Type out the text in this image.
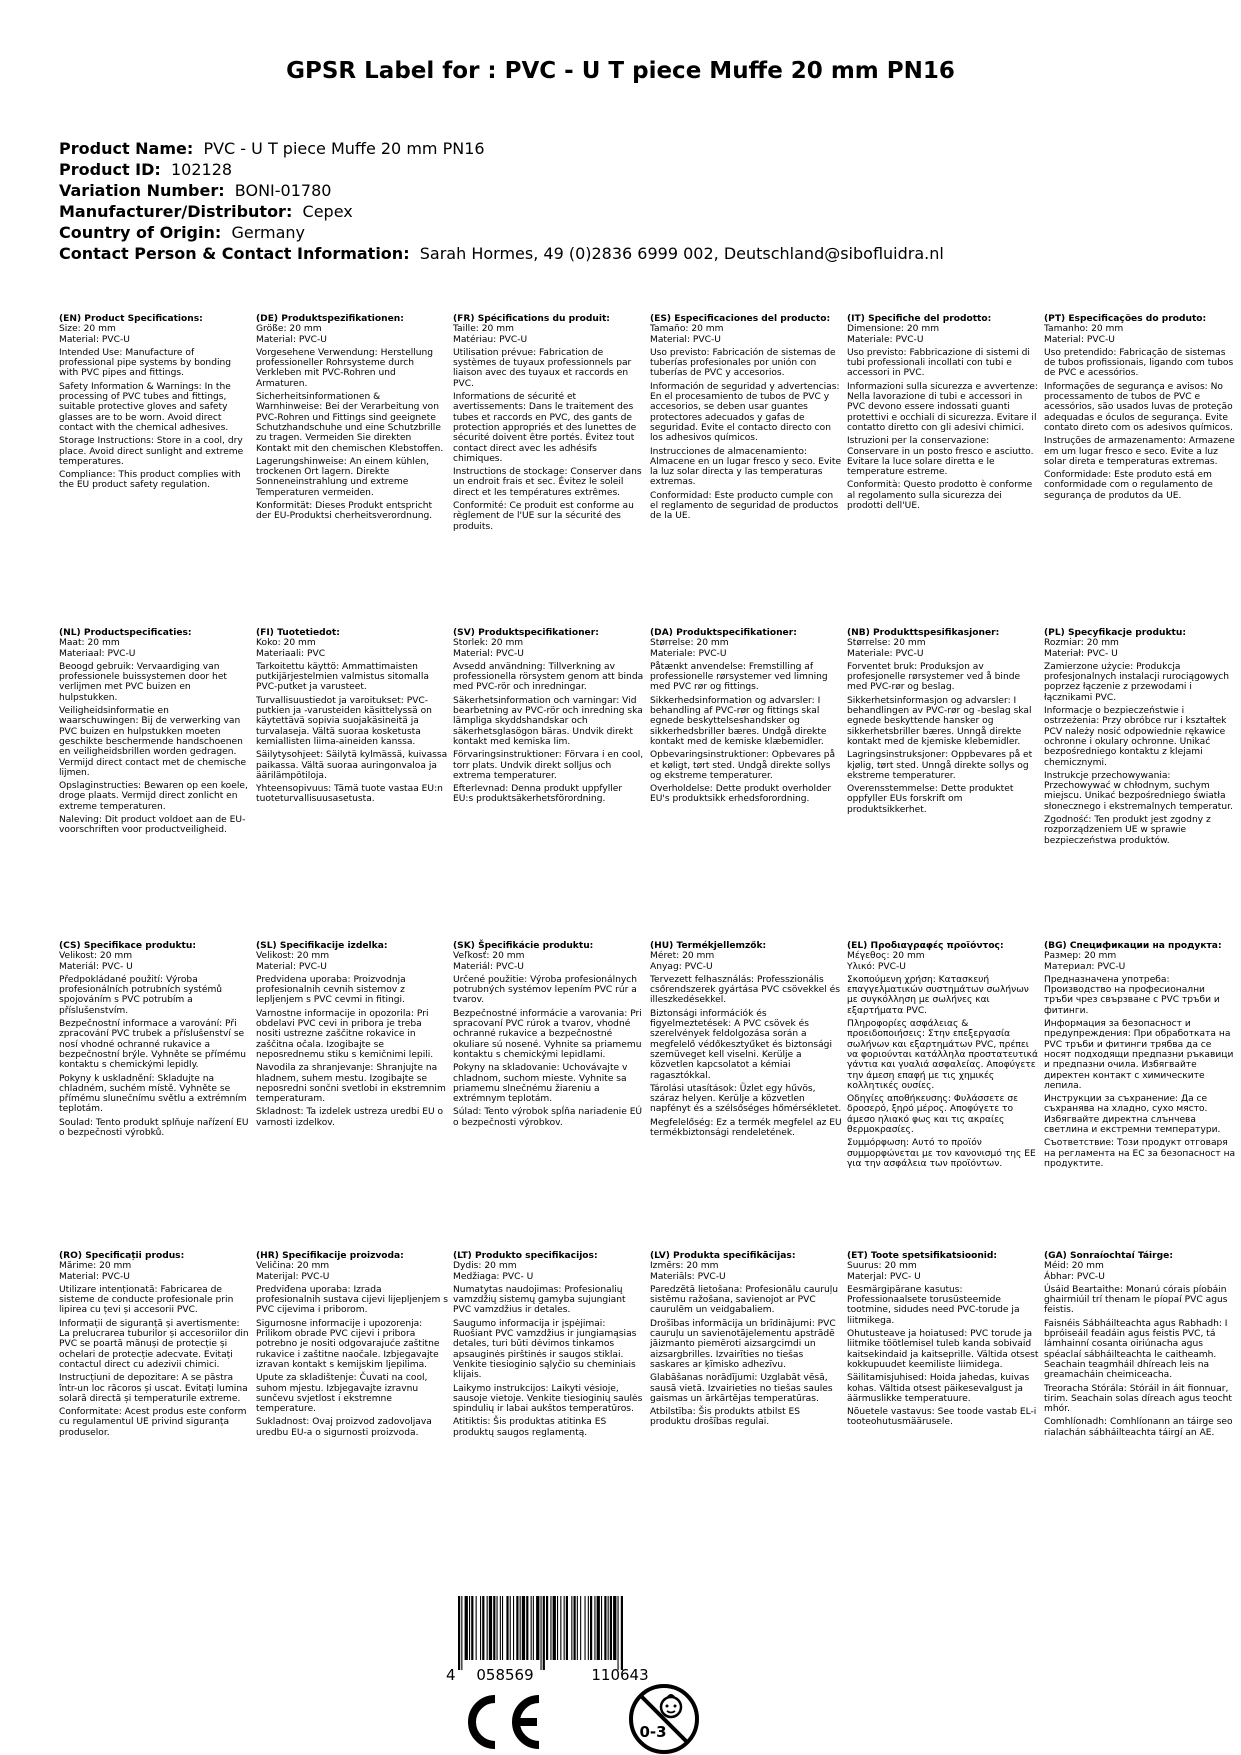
GPSR Label for : PVC - U T piece Muffe 20 mm PN16
Product Name: PVC - U T piece Muffe 20 mm PN16
Product ID: 102128
Variation Number: BONI-01780
Manufacturer/Distributor: Cepex
Country of Origin: Germany
Contact Person & Contact Information: Sarah Hormes, 49 (0)2836 6999 002, Deutschland@sibofluidra.nl
(EN) Product Specifications:
Size: 20 mm
Material: PVC-U
Intended Use: Manufacture of professional pipe systems by bonding with PVC pipes and fittings.
Safety Information & Warnings: In the processing of PVC tubes and fittings, suitable protective gloves and safety glasses are to be worn. Avoid direct contact with the chemical adhesives.
Storage Instructions: Store in a cool, dry place. Avoid direct sunlight and extreme temperatures.
Compliance: This product complies with the EU product safety regulation.
(DE) Produktspezifikationen:
Größe: 20 mm
Material: PVC-U
Vorgesehene Verwendung: Herstellung professioneller Rohrsysteme durch Verkleben mit PVC-Rohren und Armaturen.
Sicherheitsinformationen & Warnhinweise: Bei der Verarbeitung von PVC-Rohren und Fittings sind geeignete Schutzhandschuhe und eine Schutzbrille zu tragen. Vermeiden Sie direkten Kontakt mit den chemischen Klebstoffen.
Lagerungshinweise: An einem kühlen, trockenen Ort lagern. Direkte Sonneneinstrahlung und extreme Temperaturen vermeiden.
Konformität: Dieses Produkt entspricht der EU-Produktsi cherheitsverordnung.
(FR) Spécifications du produit:
Taille: 20 mm
Matériau: PVC-U
Utilisation prévue: Fabrication de systèmes de tuyaux professionnels par liaison avec des tuyaux et raccords en PVC.
Informations de sécurité et avertissements: Dans le traitement des tubes et raccords en PVC, des gants de protection appropriés et des lunettes de sécurité doivent être portés. Évitez tout contact direct avec les adhésifs chimiques.
Instructions de stockage: Conserver dans un endroit frais et sec. Évitez le soleil direct et les températures extrêmes.
Conformité: Ce produit est conforme au règlement de l'UE sur la sécurité des produits.
(ES) Especificaciones del producto:
Tamaño: 20 mm
Material: PVC-U
Uso previsto: Fabricación de sistemas de tuberías profesionales por unión con tuberías de PVC y accesorios.
Información de seguridad y advertencias: En el procesamiento de tubos de PVC y accesorios, se deben usar guantes protectores adecuados y gafas de seguridad. Evite el contacto directo con los adhesivos químicos.
Instrucciones de almacenamiento: Almacene en un lugar fresco y seco. Evite la luz solar directa y las temperaturas extremas.
Conformidad: Este producto cumple con el reglamento de seguridad de productos de la UE.
(IT) Specifiche del prodotto:
Dimensione: 20 mm
Materiale: PVC-U
Uso previsto: Fabbricazione di sistemi di tubi professionali incollati con tubi e accessori in PVC.
Informazioni sulla sicurezza e avvertenze: Nella lavorazione di tubi e accessori in PVC devono essere indossati guanti protettivi e occhiali di sicurezza. Evitare il contatto diretto con gli adesivi chimici.
Istruzioni per la conservazione: Conservare in un posto fresco e asciutto. Evitare la luce solare diretta e le temperature estreme.
Conformità: Questo prodotto è conforme al regolamento sulla sicurezza dei prodotti dell'UE.
(PT) Especificações do produto:
Tamanho: 20 mm
Material: PVC-U
Uso pretendido: Fabricação de sistemas de tubos profissionais, ligando com tubos de PVC e acessórios.
Informações de segurança e avisos: No processamento de tubos de PVC e acessórios, são usados luvas de proteção adequadas e óculos de segurança. Evite contato direto com os adesivos químicos.
Instruções de armazenamento: Armazene em um lugar fresco e seco. Evite a luz solar direta e temperaturas extremas.
Conformidade: Este produto está em conformidade com o regulamento de segurança de produtos da UE.
(NL) Productspecificaties:
Maat: 20 mm
Materiaal: PVC-U
Beoogd gebruik: Vervaardiging van professionele buissystemen door het verlijmen met PVC buizen en hulpstukken.
Veiligheidsinformatie en waarschuwingen: Bij de verwerking van PVC buizen en hulpstukken moeten geschikte beschermende handschoenen en veiligheidsbrillen worden gedragen. Vermijd direct contact met de chemische lijmen.
Opslaginstructies: Bewaren op een koele, droge plaats. Vermijd direct zonlicht en extreme temperaturen.
Naleving: Dit product voldoet aan de EU-voorschriften voor productveiligheid.
(FI) Tuotetiedot:
Koko: 20 mm
Materiaali: PVC
Tarkoitettu käyttö: Ammattimaisten putkijärjestelmien valmistus sitomalla PVC-putket ja varusteet.
Turvallisuustiedot ja varoitukset: PVC-putkien ja -varusteiden käsittelyssä on käytettävä sopivia suojakäsineitä ja turvalaseja. Vältä suoraa kosketusta kemiallisten liima-aineiden kanssa.
Säilytysohjeet: Säilytä kylmässä, kuivassa paikassa. Vältä suoraa auringonvaloa ja äärilämpötiloja.
Yhteensopivuus: Tämä tuote vastaa EU:n tuoteturvallisuusasetusta.
(SV) Produktspecifikationer:
Storlek: 20 mm
Material: PVC-U
Avsedd användning: Tillverkning av professionella rörsystem genom att binda med PVC-rör och inredningar.
Säkerhetsinformation och varningar: Vid bearbetning av PVC-rör och inredning ska lämpliga skyddshandskar och säkerhetsglasögon bäras. Undvik direkt kontakt med kemiska lim.
Förvaringsinstruktioner: Förvara i en cool, torr plats. Undvik direkt solljus och extrema temperaturer.
Efterlevnad: Denna produkt uppfyller EU:s produktsäkerhetsförordning.
(DA) Produktspecifikationer:
Størrelse: 20 mm
Materiale: PVC-U
Påtænkt anvendelse: Fremstilling af professionelle rørsystemer ved limning med PVC rør og fittings.
Sikkerhedsinformation og advarsler: I behandling af PVC-rør og fittings skal egnede beskyttelseshandsker og sikkerhedsbriller bæres. Undgå direkte kontakt med de kemiske klæbemidler.
Opbevaringsinstruktioner: Opbevares på et køligt, tørt sted. Undgå direkte sollys og ekstreme temperaturer.
Overholdelse: Dette produkt overholder EU's produktsikk erhedsforordning.
(NB) Produkttspesifikasjoner:
Størrelse: 20 mm
Materiale: PVC-U
Forventet bruk: Produksjon av profesjonelle rørsystemer ved å binde med PVC-rør og beslag.
Sikkerhetsinformasjon og advarsler: I behandlingen av PVC-rør og -beslag skal egnede beskyttende hansker og sikkerhetsbriller bæres. Unngå direkte kontakt med de kjemiske klebemidler.
Lagringsinstruksjoner: Oppbevares på et kjølig, tørt sted. Unngå direkte sollys og ekstreme temperaturer.
Overensstemmelse: Dette produktet oppfyller EUs forskrift om produktsikkerhet.
(PL) Specyfikacje produktu:
Rozmiar: 20 mm
Materiał: PVC- U
Zamierzone użycie: Produkcja profesjonalnych instalacji rurociągowych poprzez łączenie z przewodami i łącznikami PVC.
Informacje o bezpieczeństwie i ostrzeżenia: Przy obróbce rur i kształtek PCV należy nosić odpowiednie rękawice ochronne i okulary ochronne. Unikać bezpośredniego kontaktu z klejami chemicznymi.
Instrukcje przechowywania: Przechowywać w chłodnym, suchym miejscu. Unikać bezpośredniego światła słonecznego i ekstremalnych temperatur.
Zgodność: Ten produkt jest zgodny z rozporządzeniem UE w sprawie bezpieczeństwa produktów.
(CS) Specifikace produktu:
Velikost: 20 mm
Materiál: PVC- U
Předpokládané použití: Výroba profesionálních potrubních systémů spojováním s PVC potrubím a příslušenstvím.
Bezpečnostní informace a varování: Při zpracování PVC trubek a příslušenství se nosí vhodné ochranné rukavice a bezpečnostní brýle. Vyhněte se přímému kontaktu s chemickými lepidly.
Pokyny k uskladnění: Skladujte na chladném, suchém místě. Vyhněte se přímému slunečnímu světlu a extrémním teplotám.
Soulad: Tento produkt splňuje nařízení EU o bezpečnosti výrobků.
(SL) Specifikacije izdelka:
Velikost: 20 mm
Material: PVC-U
Predvidena uporaba: Proizvodnja profesionalnih cevnih sistemov z lepljenjem s PVC cevmi in fitingi.
Varnostne informacije in opozorila: Pri obdelavi PVC cevi in pribora je treba nositi ustrezne zaščitne rokavice in zaščitna očala. Izogibajte se neposrednemu stiku s kemičnimi lepili.
Navodila za shranjevanje: Shranjujte na hladnem, suhem mestu. Izogibajte se neposredni sončni svetlobi in ekstremnim temperaturam.
Skladnost: Ta izdelek ustreza uredbi EU o varnosti izdelkov.
(SK) Špecifikácie produktu:
Veľkosť: 20 mm
Materiál: PVC-U
Určené použitie: Výroba profesionálnych potrubných systémov lepením PVC rúr a tvarov.
Bezpečnostné informácie a varovania: Pri spracovaní PVC rúrok a tvarov, vhodné ochranné rukavice a bezpečnostné okuliare sú nosené. Vyhnite sa priamemu kontaktu s chemickými lepidlami.
Pokyny na skladovanie: Uchovávajte v chladnom, suchom mieste. Vyhnite sa priamemu slnečnému žiareniu a extrémnym teplotám.
Súlad: Tento výrobok spĺňa nariadenie EÚ o bezpečnosti výrobkov.
(HU) Termékjellemzők:
Méret: 20 mm
Anyag: PVC-U
Tervezett felhasználás: Professzionális csőrendszerek gyártása PVC csövekkel és illeszkedésekkel.
Biztonsági információk és figyelmeztetések: A PVC csövek és szerelvények feldolgozása során a megfelelő védőkesztyűket és biztonsági szemüveget kell viselni. Kerülje a közvetlen kapcsolatot a kémiai ragasztókkal.
Tárolási utasítások: Üzlet egy hűvös, száraz helyen. Kerülje a közvetlen napfényt és a szélsőséges hőmérsékletet.
Megfelelőség: Ez a termék megfelel az EU termékbiztonsági rendeletének.
(EL) Προδιαγραφές προϊόντος:
Μέγεθος: 20 mm
Υλικό: PVC-U
Σκοπούμενη χρήση: Κατασκευή επαγγελματικών συστημάτων σωλήνων με συγκόλληση με σωλήνες και εξαρτήματα PVC.
Πληροφορίες ασφάλειας & προειδοποιήσεις: Στην επεξεργασία σωλήνων και εξαρτημάτων PVC, πρέπει να φοριούνται κατάλληλα προστατευτικά γάντια και γυαλιά ασφαλείας. Αποφύγετε την άμεση επαφή με τις χημικές κολλητικές ουσίες.
Οδηγίες αποθήκευσης: Φυλάσσετε σε δροσερό, ξηρό μέρος. Αποφύγετε το άμεσο ηλιακό φως και τις ακραίες θερμοκρασίες.
Συμμόρφωση: Αυτό το προϊόν συμμορφώνεται με τον κανονισμό της ΕΕ για την ασφάλεια των προϊόντων.
(BG) Спецификации на продукта:
Размер: 20 mm
Материал: PVC-U
Предназначена употреба: Производство на професионални тръби чрез свързване с PVC тръби и фитинги.
Информация за безопасност и предупреждения: При обработката на PVC тръби и фитинги трябва да се носят подходящи предпазни ръкавици и предпазни очила. Избягвайте директен контакт с химическите лепила.
Инструкции за съхранение: Да се съхранява на хладно, сухо място. Избягвайте директна слънчева светлина и екстремни температури.
Съответствие: Този продукт отговаря на регламента на ЕС за безопасност на продуктите.
(RO) Specificații produs:
Mărime: 20 mm
Material: PVC-U
Utilizare intenționată: Fabricarea de sisteme de conducte profesionale prin lipirea cu țevi și accesorii PVC.
Informații de siguranță și avertismente: La prelucrarea tuburilor și accesoriilor din PVC se poartă mănuși de protecție și ochelari de protecție adecvate. Evitați contactul direct cu adezivii chimici.
Instrucțiuni de depozitare: A se păstra într-un loc răcoros și uscat. Evitați lumina solară directă și temperaturile extreme.
Conformitate: Acest produs este conform cu regulamentul UE privind siguranța produselor.
(HR) Specifikacije proizvoda:
Veličina: 20 mm
Materijal: PVC-U
Predviđena uporaba: Izrada profesionalnih sustava cijevi lijepljenjem s PVC cijevima i priborom.
Sigurnosne informacije i upozorenja: Prilikom obrade PVC cijevi i pribora potrebno je nositi odgovarajuće zaštitne rukavice i zaštitne naočale. Izbjegavajte izravan kontakt s kemijskim ljepilima.
Upute za skladištenje: Čuvati na cool, suhom mjestu. Izbjegavajte izravnu sunčevu svjetlost i ekstremne temperature.
Sukladnost: Ovaj proizvod zadovoljava uredbu EU-a o sigurnosti proizvoda.
(LT) Produkto specifikacijos:
Dydis: 20 mm
Medžiaga: PVC- U
Numatytas naudojimas: Profesionalių vamzdžių sistemų gamyba sujungiant PVC vamzdžius ir detales.
Saugumo informacija ir įspėjimai: Ruošiant PVC vamzdžius ir jungiamąsias detales, turi būti dėvimos tinkamos apsauginės pirštinės ir saugos stiklai. Venkite tiesioginio sąlyčio su cheminiais klijais.
Laikymo instrukcijos: Laikyti vėsioje, sausoje vietoje. Venkite tiesioginių saulės spindulių ir labai aukštos temperatūros.
Atitiktis: Šis produktas atitinka ES produktų saugos reglamentą.
(LV) Produkta specifikācijas:
Izmērs: 20 mm
Materiāls: PVC-U
Paredzētā lietošana: Profesionālu cauruļu sistēmu ražošana, savienojot ar PVC caurulēm un veidgabaliem.
Drošības informācija un brīdinājumi: PVC cauruļu un savienotājelementu apstrādē jāizmanto piemēroti aizsargcimdi un aizsargbrilles. Izvairīties no tiešas saskares ar ķīmisko adhezīvu.
Glabāšanas norādījumi: Uzglabāt vēsā, sausā vietā. Izvairieties no tiešas saules gaismas un ārkārtējas temperatūras.
Atbilstība: Šis produkts atbilst ES produktu drošības regulai.
(ET) Toote spetsifikatsioonid:
Suurus: 20 mm
Materjal: PVC- U
Eesmärgipärane kasutus: Professionaalsete torusüsteemide tootmine, sidudes need PVC-torude ja liitmikega.
Ohutusteave ja hoiatused: PVC torude ja liitmike töötlemisel tuleb kanda sobivaid kaitsekindaid ja kaitseprille. Vältida otsest kokkupuudet keemiliste liimidega.
Säilitamisjuhised: Hoida jahedas, kuivas kohas. Vältida otsest päikesevalgust ja äärmuslikke temperatuure.
Nõuetele vastavus: See toode vastab EL-i tooteohutusmäärusele.
(GA) Sonraíochtaí Táirge:
Méid: 20 mm
Ábhar: PVC-U
Úsáid Beartaithe: Monarú córais píobáin ghairmiúil trí thenam le píopaí PVC agus feistis.
Faisnéis Sábháilteachta agus Rabhadh: I bpróiseáil feadáin agus feistis PVC, tá lámhainní cosanta oiriúnacha agus spéaclaí sábháilteachta le caitheamh. Seachain teagmháil dhíreach leis na greamacháin cheimiceacha.
Treoracha Stórála: Stóráil in áit fionnuar, tirim. Seachain solas díreach agus teocht mhór.
Comhlíonadh: Comhlíonann an táirge seo rialachán sábháilteachta táirgí an AE.
4 058569	110643
0-3
